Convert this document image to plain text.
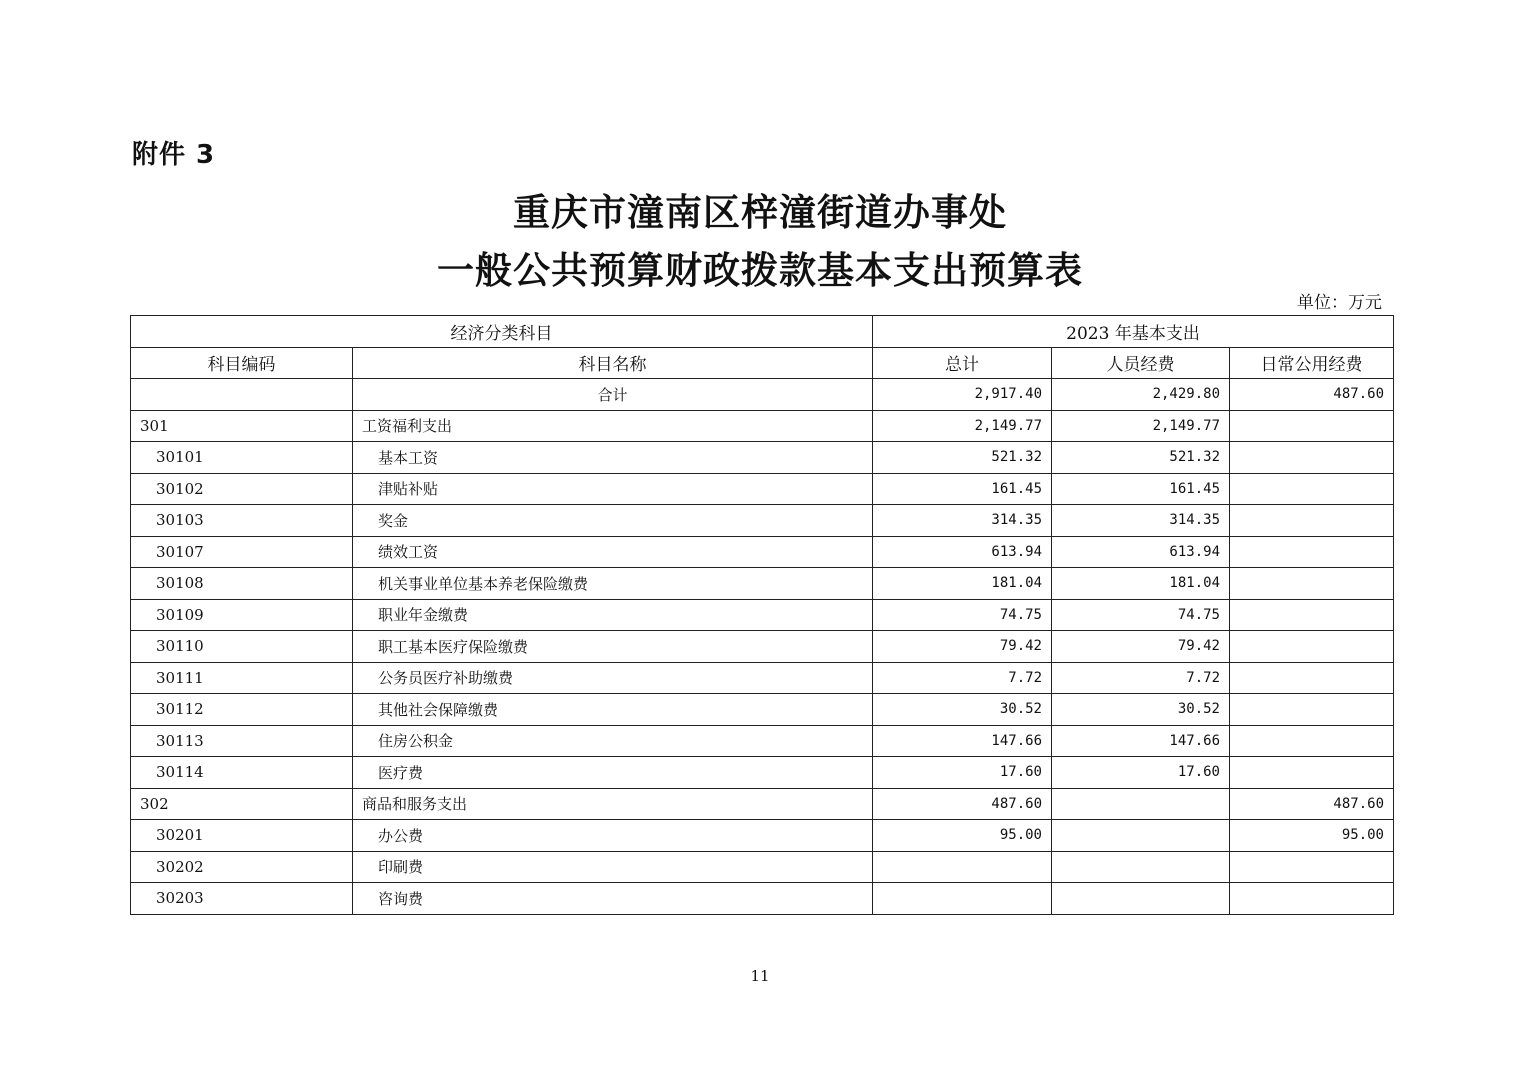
附件 3
重庆市潼南区梓潼街道办事处
一般公共预算财政拨款基本支出预算表
单位：万元
经济分类科目		2023 年基本支出		
科目编码	科目名称	总计	人员经费	日常公用经费
	合计	2,917.40	2,429.80	487.60
301	工资福利支出	2,149.77	2,149.77	
30101	基本工资	521.32	521.32	
30102	津贴补贴	161.45	161.45	
30103	奖金	314.35	314.35	
30107	绩效工资	613.94	613.94	
30108	机关事业单位基本养老保险缴费	181.04	181.04	
30109	职业年金缴费	74.75	74.75	
30110	职工基本医疗保险缴费	79.42	79.42	
30111	公务员医疗补助缴费	7.72	7.72	
30112	其他社会保障缴费	30.52	30.52	
30113	住房公积金	147.66	147.66	
30114	医疗费	17.60	17.60	
302	商品和服务支出	487.60		487.60
30201	办公费	95.00		95.00
30202	印刷费			
30203	咨询费			
11
